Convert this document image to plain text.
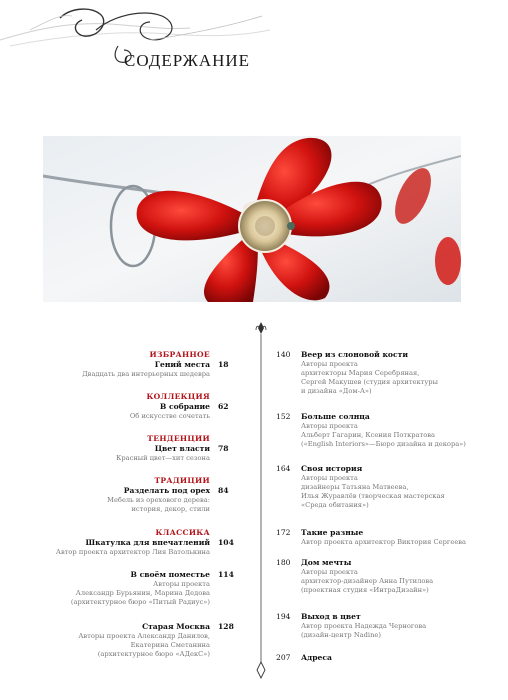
СОДЕРЖАНИЕ
ИЗБРАННОЕ
Гений места 18
Двадцать два интерьерных шедевра
КОЛЛЕКЦИЯ
В собрание 62
Об искусстве сочетать
ТЕНДЕНЦИИ
Цвет власти 78
Красный цвет—хит сезона
ТРАДИЦИИ
Разделать под орех 84
Мебель из орехового дерева:
история, декор, стили
КЛАССИКА
Шкатулка для впечатлений 104
Автор проекта архитектор Лия Ватолькина
В своём поместье 114
Авторы проекта
Александр Бурьянин, Марина Дедова
(архитектурное бюро «Питый Радиус»)
Старая Москва 128
Авторы проекта Александр Данилов,
Екатерина Сметанина
(архитектурное бюро «АДекС»)
140 Веер из слоновой кости
Авторы проекта
архитекторы Мария Серебряная,
Сергей Макушев (студия архитектуры
и дизайна «Дом-А»)
152 Больше солнца
Авторы проекта
Альберт Гагарин, Ксения Поткратова
(«English Interiors»—Бюро дизайна и декора»)
164 Своя история
Авторы проекта
дизайнеры Татьяна Матвеева,
Илья Журавлёв (творческая мастерская
«Среда обитания»)
172 Такие разные
Автор проекта архитектор Виктория Сергеева
180 Дом мечты
Авторы проекта
архитектор-дизайнер Анна Путилова
(проектная студия «ИнтраДизайн»)
194 Выход в цвет
Автор проекта Надежда Черногова
(дизайн-центр Nadine)
207 Адреса
